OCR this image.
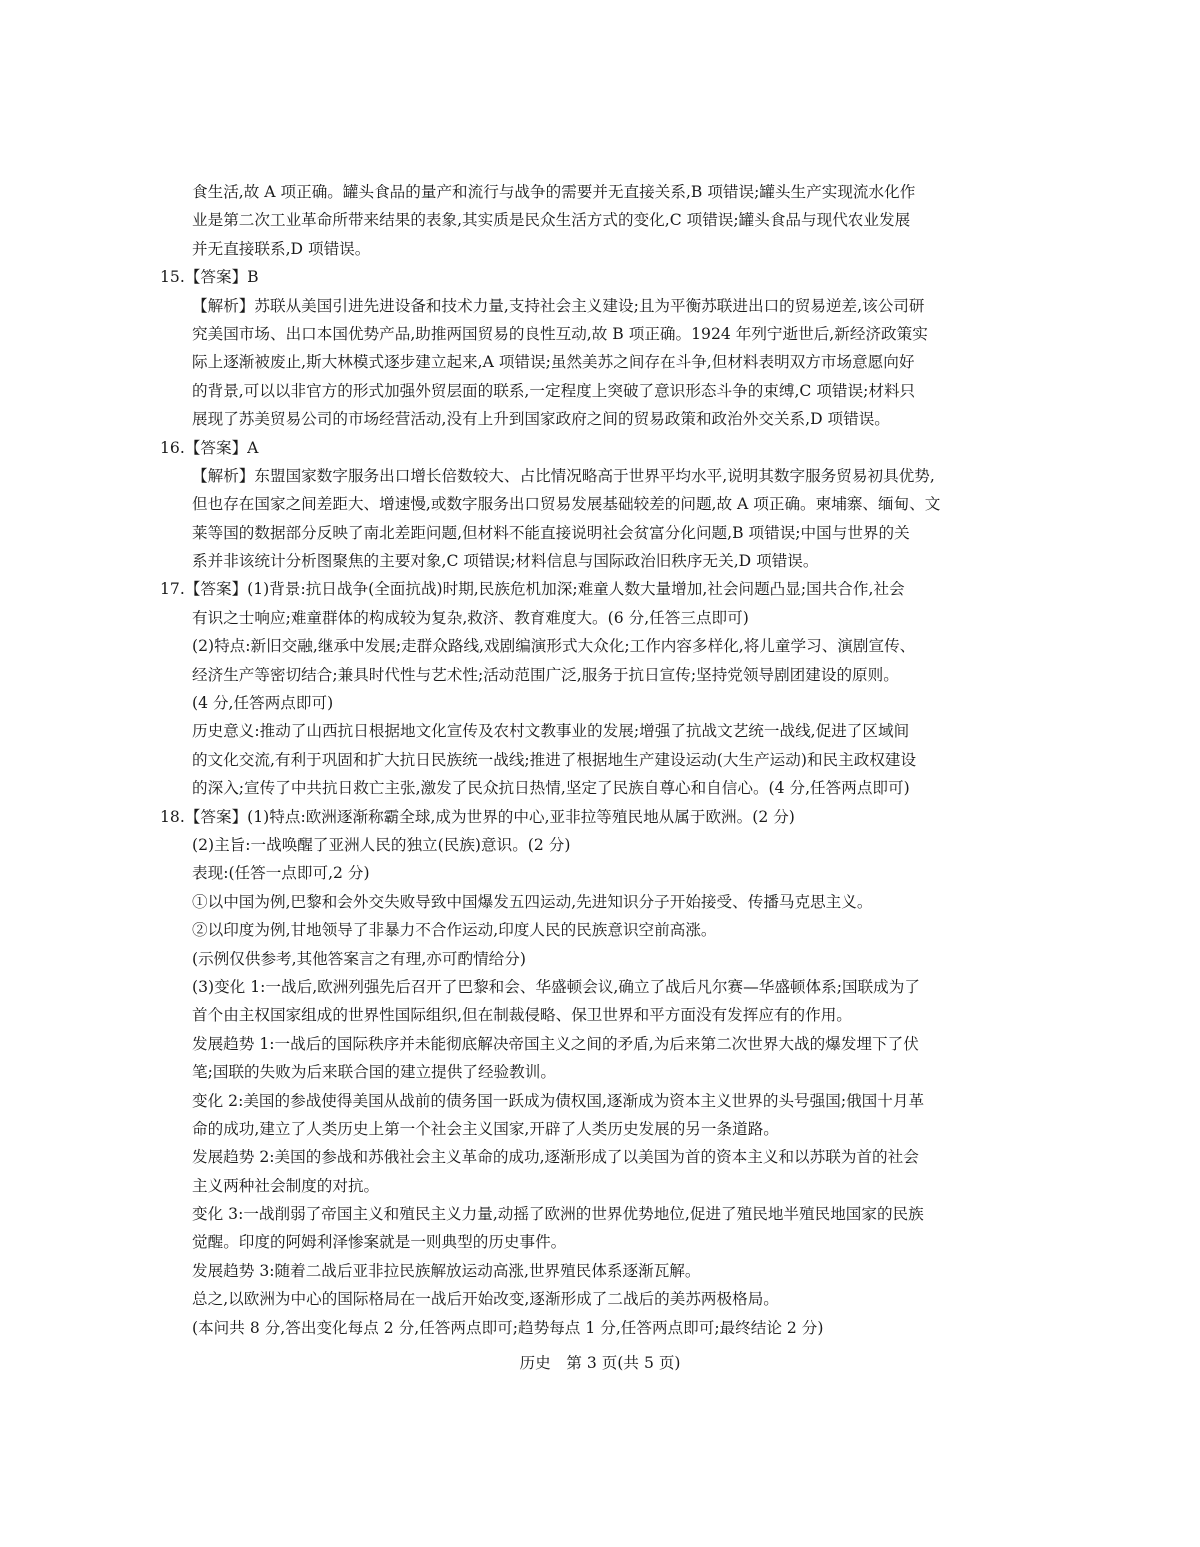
食生活,故 A 项正确。罐头食品的量产和流行与战争的需要并无直接关系,B 项错误;罐头生产实现流水化作
业是第二次工业革命所带来结果的表象,其实质是民众生活方式的变化,C 项错误;罐头食品与现代农业发展
并无直接联系,D 项错误。
15.【答案】B
【解析】苏联从美国引进先进设备和技术力量,支持社会主义建设;且为平衡苏联进出口的贸易逆差,该公司研
究美国市场、出口本国优势产品,助推两国贸易的良性互动,故 B 项正确。1924 年列宁逝世后,新经济政策实
际上逐渐被废止,斯大林模式逐步建立起来,A 项错误;虽然美苏之间存在斗争,但材料表明双方市场意愿向好
的背景,可以以非官方的形式加强外贸层面的联系,一定程度上突破了意识形态斗争的束缚,C 项错误;材料只
展现了苏美贸易公司的市场经营活动,没有上升到国家政府之间的贸易政策和政治外交关系,D 项错误。
16.【答案】A
【解析】东盟国家数字服务出口增长倍数较大、占比情况略高于世界平均水平,说明其数字服务贸易初具优势,
但也存在国家之间差距大、增速慢,或数字服务出口贸易发展基础较差的问题,故 A 项正确。柬埔寨、缅甸、文
莱等国的数据部分反映了南北差距问题,但材料不能直接说明社会贫富分化问题,B 项错误;中国与世界的关
系并非该统计分析图聚焦的主要对象,C 项错误;材料信息与国际政治旧秩序无关,D 项错误。
17.【答案】(1)背景:抗日战争(全面抗战)时期,民族危机加深;难童人数大量增加,社会问题凸显;国共合作,社会
有识之士响应;难童群体的构成较为复杂,救济、教育难度大。(6 分,任答三点即可)
(2)特点:新旧交融,继承中发展;走群众路线,戏剧编演形式大众化;工作内容多样化,将儿童学习、演剧宣传、
经济生产等密切结合;兼具时代性与艺术性;活动范围广泛,服务于抗日宣传;坚持党领导剧团建设的原则。
(4 分,任答两点即可)
历史意义:推动了山西抗日根据地文化宣传及农村文教事业的发展;增强了抗战文艺统一战线,促进了区域间
的文化交流,有利于巩固和扩大抗日民族统一战线;推进了根据地生产建设运动(大生产运动)和民主政权建设
的深入;宣传了中共抗日救亡主张,激发了民众抗日热情,坚定了民族自尊心和自信心。(4 分,任答两点即可)
18.【答案】(1)特点:欧洲逐渐称霸全球,成为世界的中心,亚非拉等殖民地从属于欧洲。(2 分)
(2)主旨:一战唤醒了亚洲人民的独立(民族)意识。(2 分)
表现:(任答一点即可,2 分)
①以中国为例,巴黎和会外交失败导致中国爆发五四运动,先进知识分子开始接受、传播马克思主义。
②以印度为例,甘地领导了非暴力不合作运动,印度人民的民族意识空前高涨。
(示例仅供参考,其他答案言之有理,亦可酌情给分)
(3)变化 1:一战后,欧洲列强先后召开了巴黎和会、华盛顿会议,确立了战后凡尔赛—华盛顿体系;国联成为了
首个由主权国家组成的世界性国际组织,但在制裁侵略、保卫世界和平方面没有发挥应有的作用。
发展趋势 1:一战后的国际秩序并未能彻底解决帝国主义之间的矛盾,为后来第二次世界大战的爆发埋下了伏
笔;国联的失败为后来联合国的建立提供了经验教训。
变化 2:美国的参战使得美国从战前的债务国一跃成为债权国,逐渐成为资本主义世界的头号强国;俄国十月革
命的成功,建立了人类历史上第一个社会主义国家,开辟了人类历史发展的另一条道路。
发展趋势 2:美国的参战和苏俄社会主义革命的成功,逐渐形成了以美国为首的资本主义和以苏联为首的社会
主义两种社会制度的对抗。
变化 3:一战削弱了帝国主义和殖民主义力量,动摇了欧洲的世界优势地位,促进了殖民地半殖民地国家的民族
觉醒。印度的阿姆利泽惨案就是一则典型的历史事件。
发展趋势 3:随着二战后亚非拉民族解放运动高涨,世界殖民体系逐渐瓦解。
总之,以欧洲为中心的国际格局在一战后开始改变,逐渐形成了二战后的美苏两极格局。
(本问共 8 分,答出变化每点 2 分,任答两点即可;趋势每点 1 分,任答两点即可;最终结论 2 分)
历史　第 3 页(共 5 页)
